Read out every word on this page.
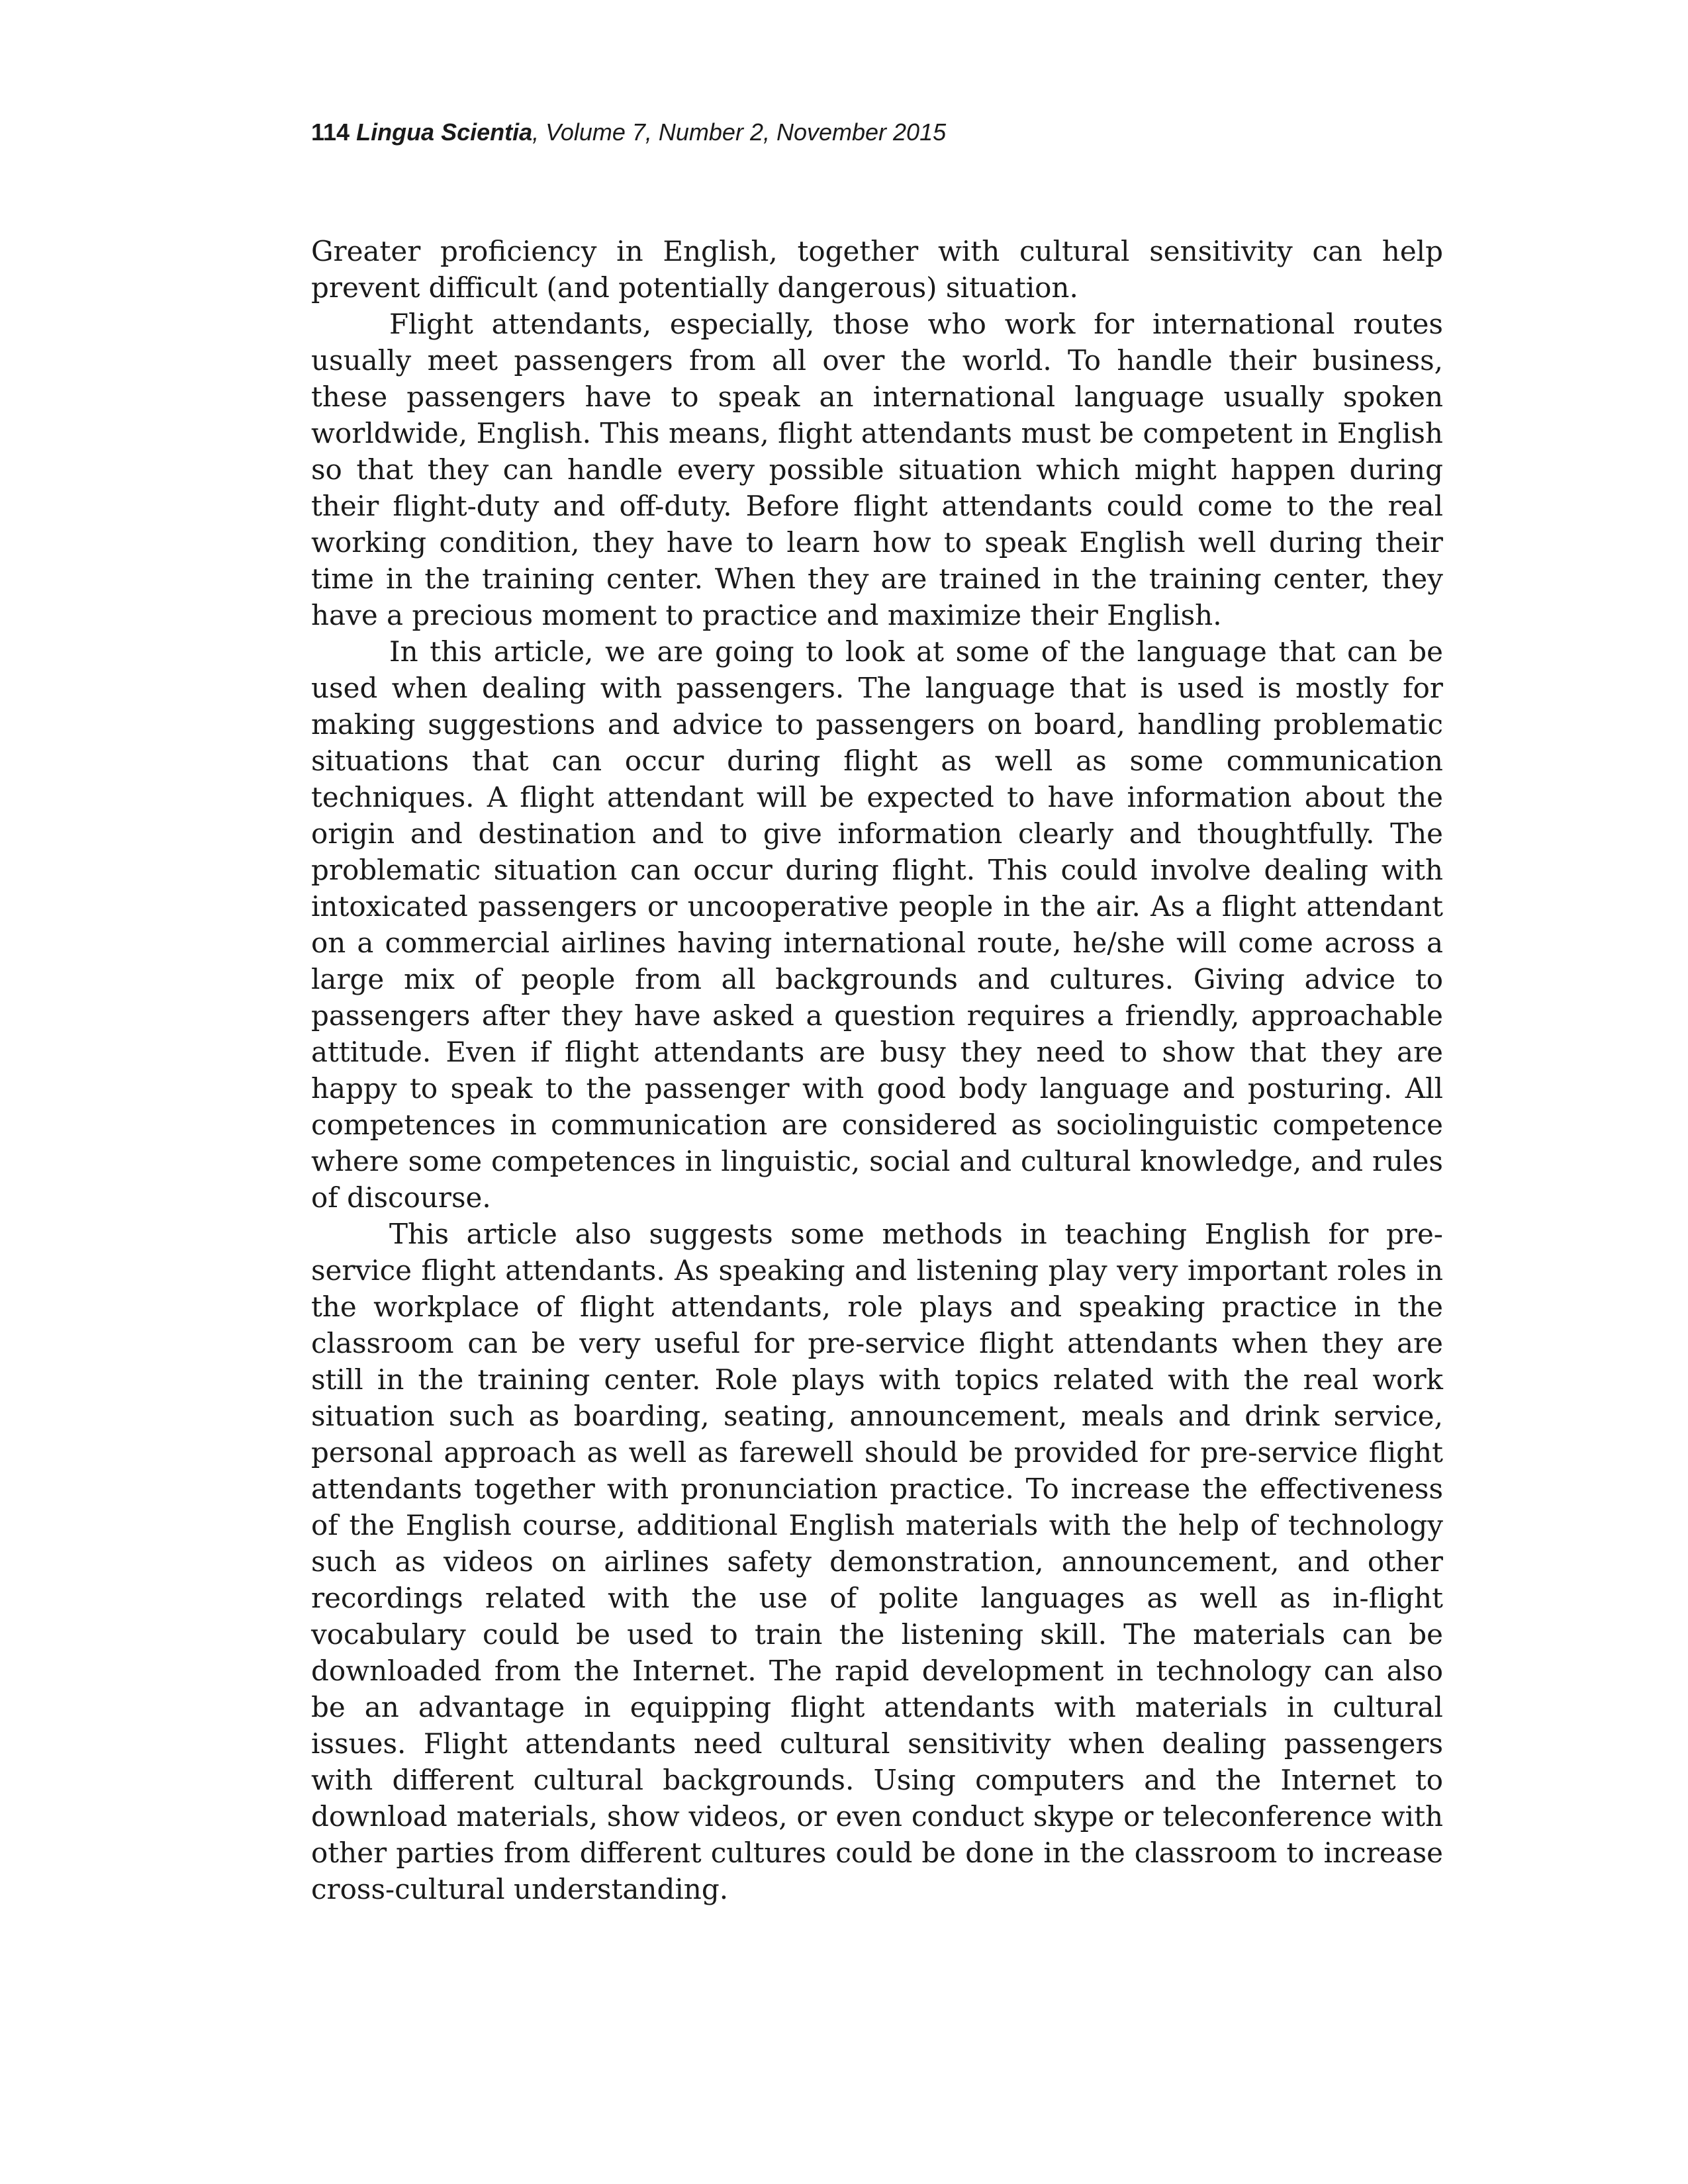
114 Lingua Scientia, Volume 7, Number 2, November 2015

Greater proficiency in English, together with cultural sensitivity can help prevent difficult (and potentially dangerous) situation.

Flight attendants, especially, those who work for international routes usually meet passengers from all over the world. To handle their business, these passengers have to speak an international language usually spoken worldwide, English. This means, flight attendants must be competent in English so that they can handle every possible situation which might happen during their flight-duty and off-duty. Before flight attendants could come to the real working condition, they have to learn how to speak English well during their time in the training center. When they are trained in the training center, they have a precious moment to practice and maximize their English.

In this article, we are going to look at some of the language that can be used when dealing with passengers. The language that is used is mostly for making suggestions and advice to passengers on board, handling problematic situations that can occur during flight as well as some communication techniques. A flight attendant will be expected to have information about the origin and destination and to give information clearly and thoughtfully. The problematic situation can occur during flight. This could involve dealing with intoxicated passengers or uncooperative people in the air. As a flight attendant on a commercial airlines having international route, he/she will come across a large mix of people from all backgrounds and cultures. Giving advice to passengers after they have asked a question requires a friendly, approachable attitude. Even if flight attendants are busy they need to show that they are happy to speak to the passenger with good body language and posturing. All competences in communication are considered as sociolinguistic competence where some competences in linguistic, social and cultural knowledge, and rules of discourse.

This article also suggests some methods in teaching English for pre-service flight attendants. As speaking and listening play very important roles in the workplace of flight attendants, role plays and speaking practice in the classroom can be very useful for pre-service flight attendants when they are still in the training center. Role plays with topics related with the real work situation such as boarding, seating, announcement, meals and drink service, personal approach as well as farewell should be provided for pre-service flight attendants together with pronunciation practice. To increase the effectiveness of the English course, additional English materials with the help of technology such as videos on airlines safety demonstration, announcement, and other recordings related with the use of polite languages as well as in-flight vocabulary could be used to train the listening skill. The materials can be downloaded from the Internet. The rapid development in technology can also be an advantage in equipping flight attendants with materials in cultural issues. Flight attendants need cultural sensitivity when dealing passengers with different cultural backgrounds. Using computers and the Internet to download materials, show videos, or even conduct skype or teleconference with other parties from different cultures could be done in the classroom to increase cross-cultural understanding.
